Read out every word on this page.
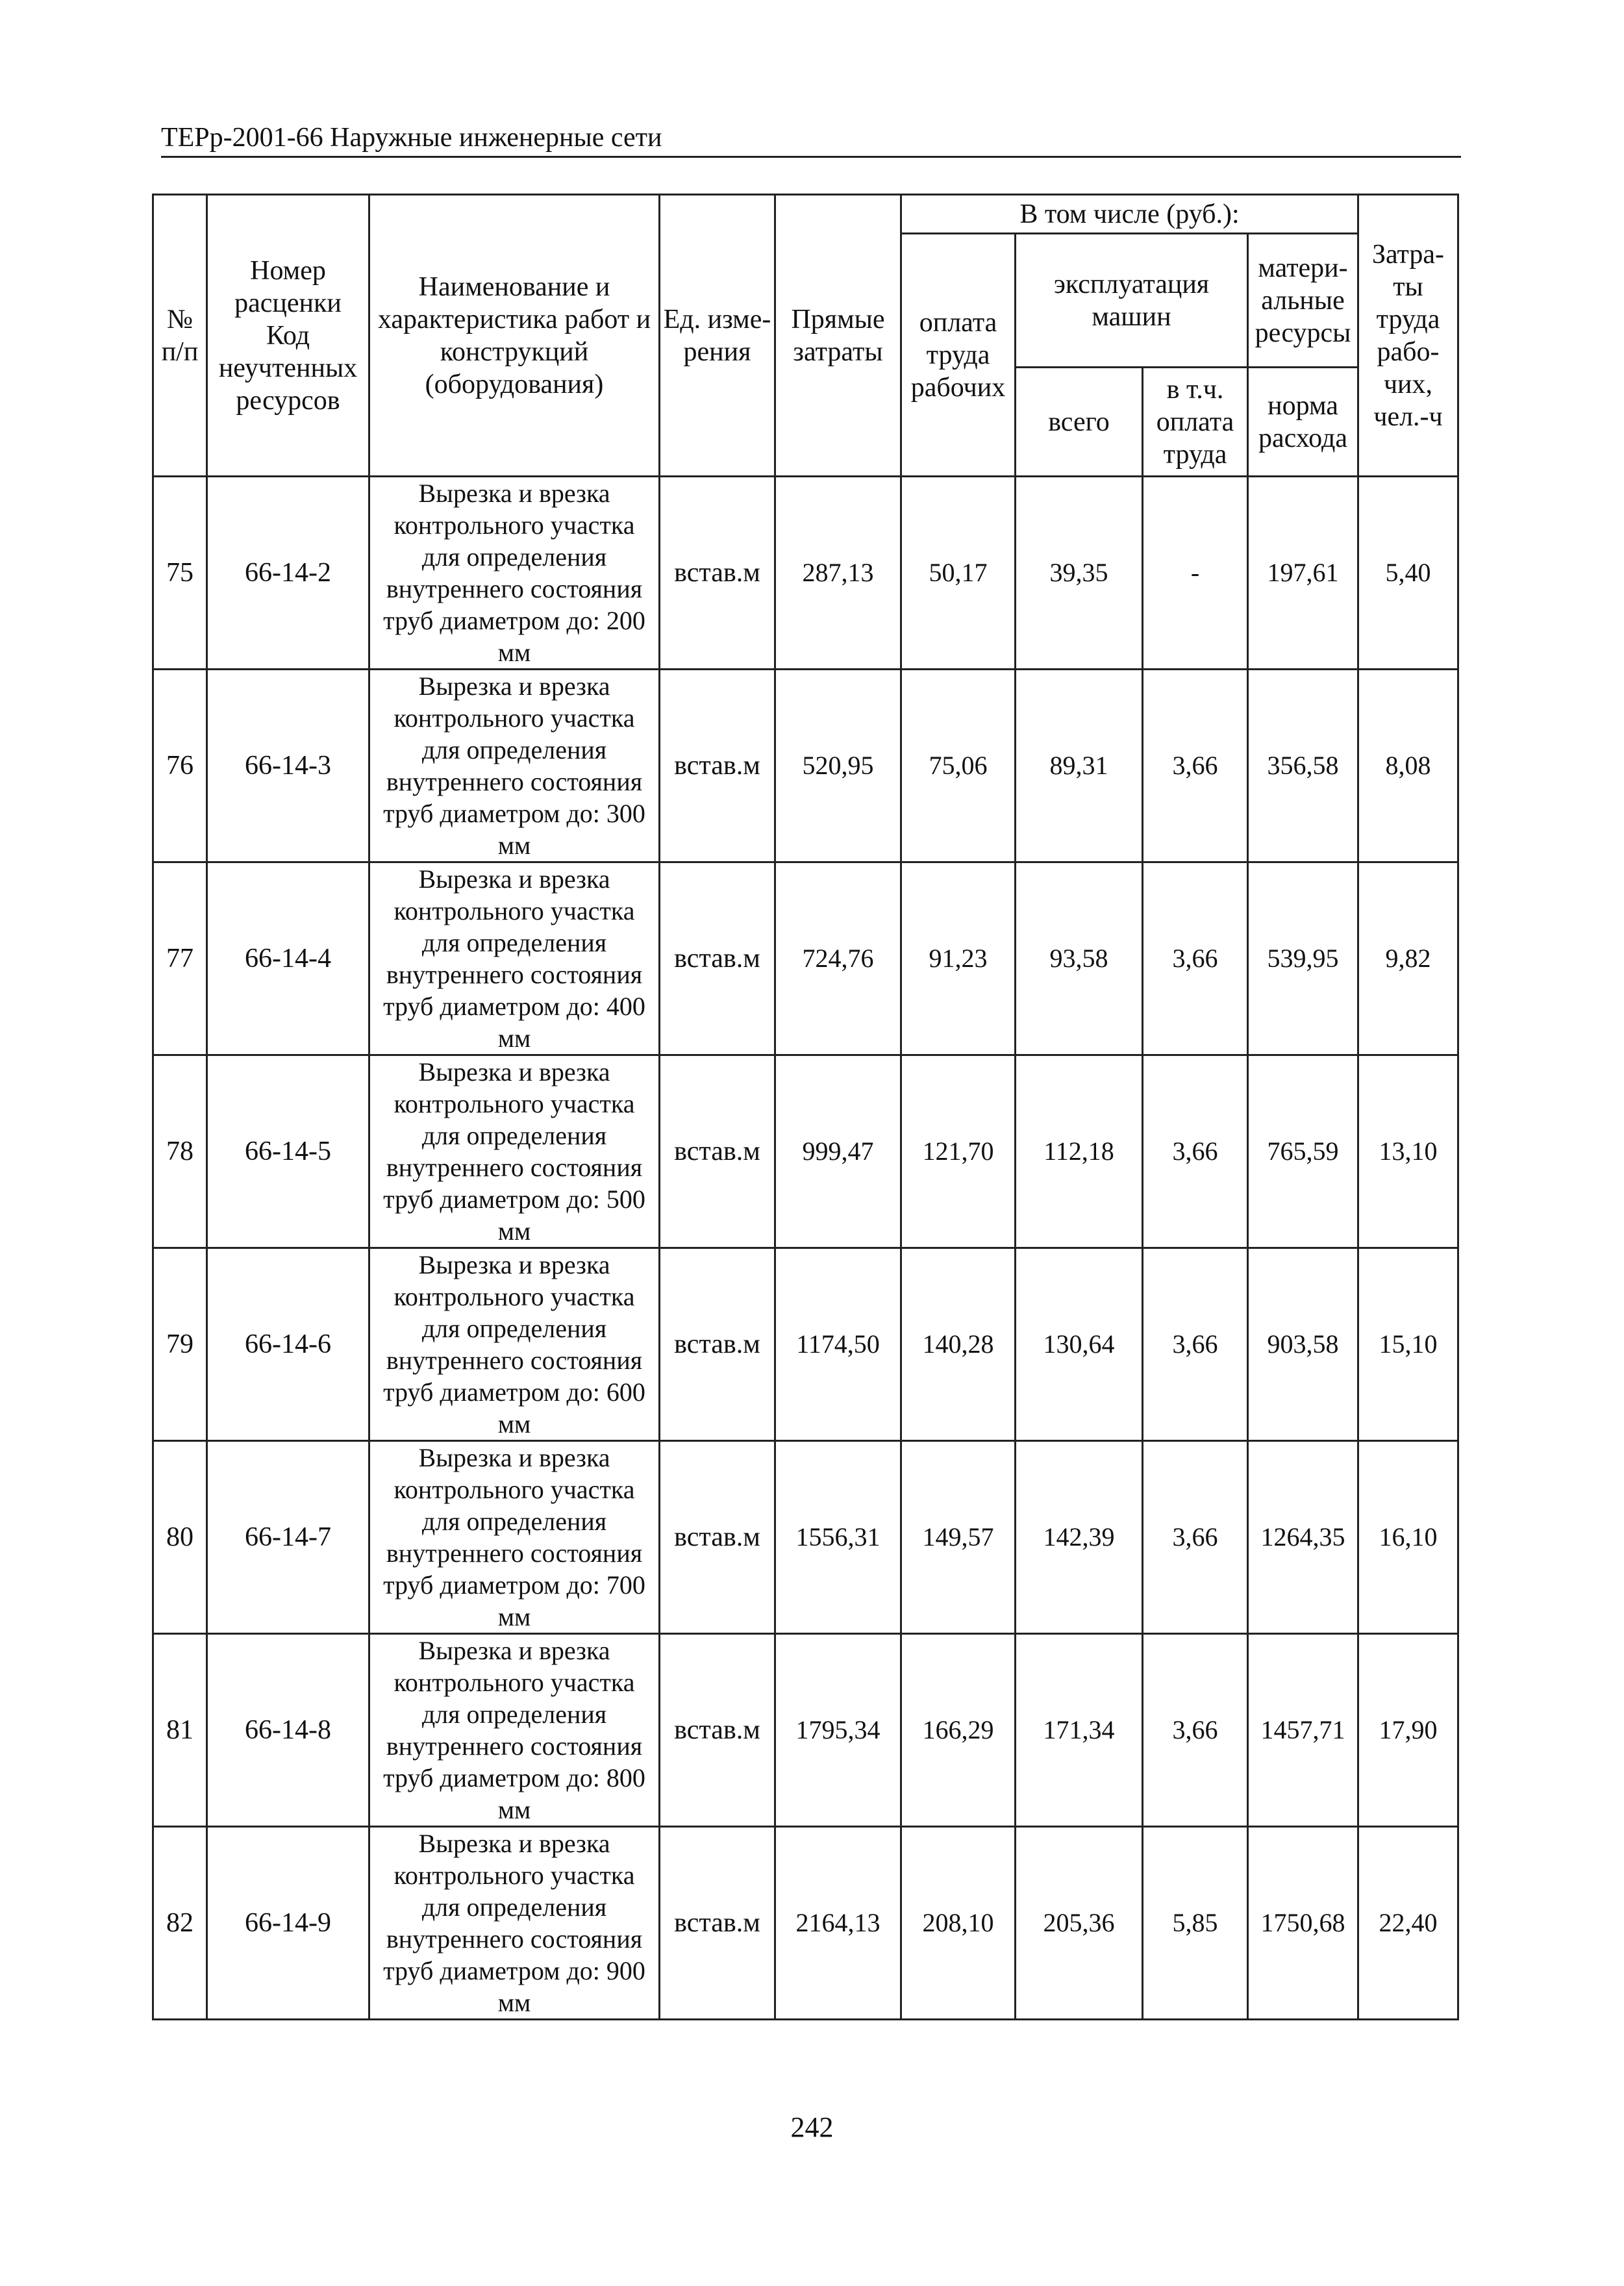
ТЕРр-2001-66 Наружные инженерные сети
№ п/п	Номер расценки Код неучтенных ресурсов	Наименование и характеристика работ и конструкций (оборудования)	Ед. изме-рения	Прямые затраты	В том числе (руб.):				Затра-ты труда рабо-чих, чел.-ч
					оплата труда рабочих	эксплуатация машин		матери-альные ресурсы	
						всего	в т.ч. оплата труда	норма расхода	
75	66-14-2	Вырезка и врезка контрольного участка для определения внутреннего состояния труб диаметром до: 200 мм	встав.м	287,13	50,17	39,35	-	197,61	5,40
76	66-14-3	Вырезка и врезка контрольного участка для определения внутреннего состояния труб диаметром до: 300 мм	встав.м	520,95	75,06	89,31	3,66	356,58	8,08
77	66-14-4	Вырезка и врезка контрольного участка для определения внутреннего состояния труб диаметром до: 400 мм	встав.м	724,76	91,23	93,58	3,66	539,95	9,82
78	66-14-5	Вырезка и врезка контрольного участка для определения внутреннего состояния труб диаметром до: 500 мм	встав.м	999,47	121,70	112,18	3,66	765,59	13,10
79	66-14-6	Вырезка и врезка контрольного участка для определения внутреннего состояния труб диаметром до: 600 мм	встав.м	1174,50	140,28	130,64	3,66	903,58	15,10
80	66-14-7	Вырезка и врезка контрольного участка для определения внутреннего состояния труб диаметром до: 700 мм	встав.м	1556,31	149,57	142,39	3,66	1264,35	16,10
81	66-14-8	Вырезка и врезка контрольного участка для определения внутреннего состояния труб диаметром до: 800 мм	встав.м	1795,34	166,29	171,34	3,66	1457,71	17,90
82	66-14-9	Вырезка и врезка контрольного участка для определения внутреннего состояния труб диаметром до: 900 мм	встав.м	2164,13	208,10	205,36	5,85	1750,68	22,40
242
